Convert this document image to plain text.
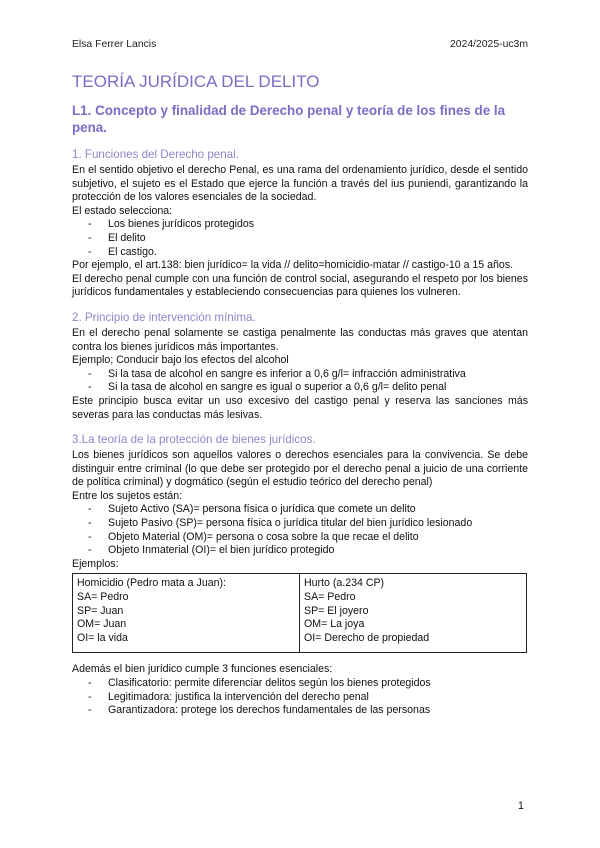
Elsa Ferrer Lancis	2024/2025-uc3m
TEORÍA JURÍDICA DEL DELITO
L1. Concepto y finalidad de Derecho penal y teoría de los fines de la pena.
1. Funciones del Derecho penal.

En el sentido objetivo el derecho Penal, es una rama del ordenamiento jurídico, desde el sentido subjetivo, el sujeto es el Estado que ejerce la función a través del ius puniendi, garantizando la protección de los valores esenciales de la sociedad.

El estado selecciona:

- Los bienes jurídicos protegidos
- El delito
- El castigo.

Por ejemplo, el art.138: bien jurídico= la vida // delito=homicidio-matar // castigo-10 a 15 años.

El derecho penal cumple con una función de control social, asegurando el respeto por los bienes jurídicos fundamentales y estableciendo consecuencias para quienes los vulneren.

2. Principio de intervención mínima.

En el derecho penal solamente se castiga penalmente las conductas más graves que atentan contra los bienes jurídicos más importantes.

Ejemplo; Conducir bajo los efectos del alcohol

- Si la tasa de alcohol en sangre es inferior a 0,6 g/l= infracción administrativa
- Si la tasa de alcohol en sangre es igual o superior a 0,6 g/l= delito penal

Este principio busca evitar un uso excesivo del castigo penal y reserva las sanciones más severas para las conductas más lesivas.

3.La teoría de la protección de bienes jurídicos.

Los bienes jurídicos son aquellos valores o derechos esenciales para la convivencia. Se debe distinguir entre criminal (lo que debe ser protegido por el derecho penal a juicio de una corriente de política criminal) y dogmático (según el estudio teórico del derecho penal)

Entre los sujetos están:

- Sujeto Activo (SA)= persona física o jurídica que comete un delito
- Sujeto Pasivo (SP)= persona física o jurídica titular del bien jurídico lesionado
- Objeto Material (OM)= persona o cosa sobre la que recae el delito
- Objeto Inmaterial (OI)= el bien jurídico protegido

Ejemplos:

Homicidio (Pedro mata a Juan):
SA= Pedro
SP= Juan
OM= Juan
OI= la vida

Hurto (a.234 CP)
SA= Pedro
SP= El joyero
OM= La joya
OI= Derecho de propiedad

Además el bien jurídico cumple 3 funciones esenciales:

- Clasificatorio: permite diferenciar delitos según los bienes protegidos
- Legitimadora: justifica la intervención del derecho penal
- Garantizadora: protege los derechos fundamentales de las personas
1
